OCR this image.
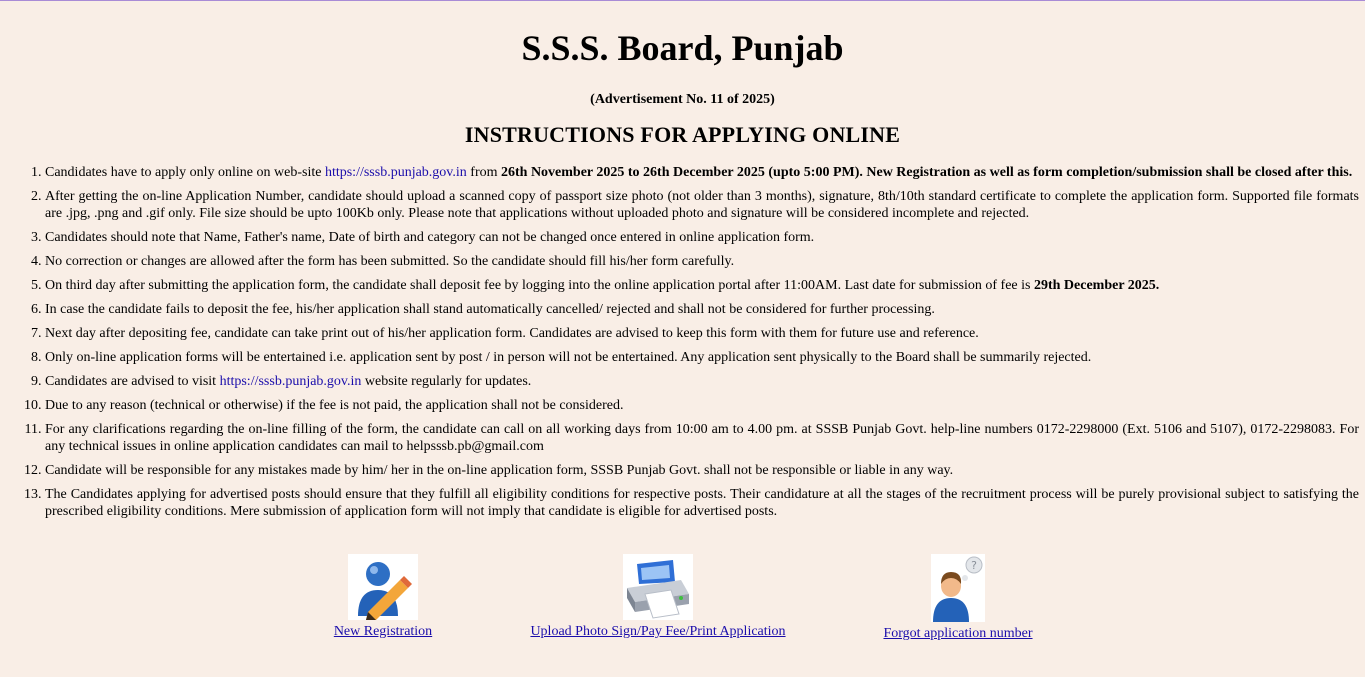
S.S.S. Board, Punjab
(Advertisement No. 11 of 2025)
INSTRUCTIONS FOR APPLYING ONLINE
1. Candidates have to apply only online on web-site https://sssb.punjab.gov.in from 26th November 2025 to 26th December 2025 (upto 5:00 PM). New Registration as well as form completion/submission shall be closed after this.
2. After getting the on-line Application Number, candidate should upload a scanned copy of passport size photo (not older than 3 months), signature, 8th/10th standard certificate to complete the application form. Supported file formats are .jpg, .png and .gif only. File size should be upto 100Kb only. Please note that applications without uploaded photo and signature will be considered incomplete and rejected.
3. Candidates should note that Name, Father's name, Date of birth and category can not be changed once entered in online application form.
4. No correction or changes are allowed after the form has been submitted. So the candidate should fill his/her form carefully.
5. On third day after submitting the application form, the candidate shall deposit fee by logging into the online application portal after 11:00AM. Last date for submission of fee is 29th December 2025.
6. In case the candidate fails to deposit the fee, his/her application shall stand automatically cancelled/ rejected and shall not be considered for further processing.
7. Next day after depositing fee, candidate can take print out of his/her application form. Candidates are advised to keep this form with them for future use and reference.
8. Only on-line application forms will be entertained i.e. application sent by post / in person will not be entertained. Any application sent physically to the Board shall be summarily rejected.
9. Candidates are advised to visit https://sssb.punjab.gov.in website regularly for updates.
10. Due to any reason (technical or otherwise) if the fee is not paid, the application shall not be considered.
11. For any clarifications regarding the on-line filling of the form, the candidate can call on all working days from 10:00 am to 4.00 pm. at SSSB Punjab Govt. help-line numbers 0172-2298000 (Ext. 5106 and 5107), 0172-2298083. For any technical issues in online application candidates can mail to helpsssb.pb@gmail.com
12. Candidate will be responsible for any mistakes made by him/ her in the on-line application form, SSSB Punjab Govt. shall not be responsible or liable in any way.
13. The Candidates applying for advertised posts should ensure that they fulfill all eligibility conditions for respective posts. Their candidature at all the stages of the recruitment process will be purely provisional subject to satisfying the prescribed eligibility conditions. Mere submission of application form will not imply that candidate is eligible for advertised posts.
New Registration	Upload Photo Sign/Pay Fee/Print Application
?
Forgot application number
